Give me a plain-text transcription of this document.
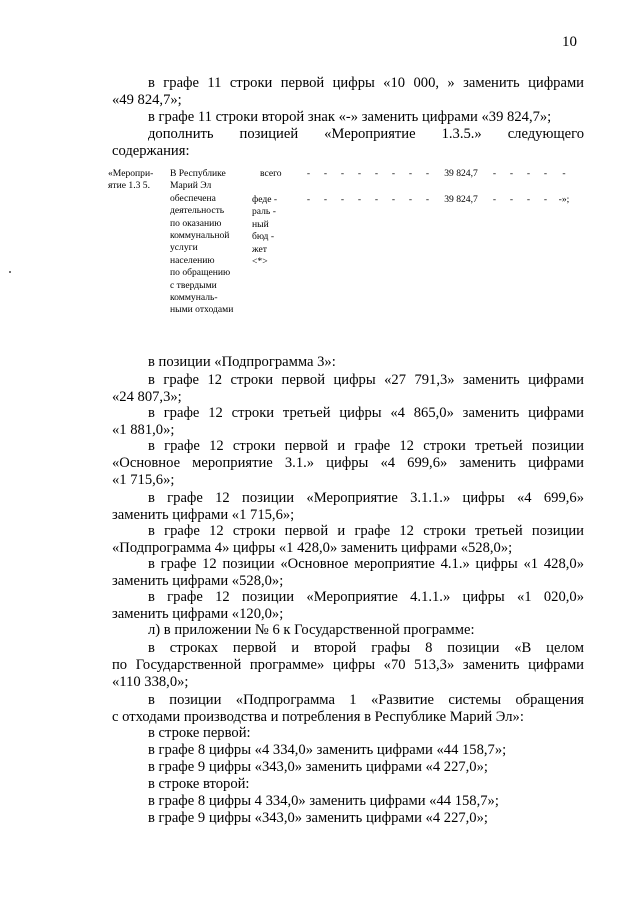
10
в графе 11 строки первой цифры «10 000, » заменить цифрами
«49 824,7»;
в графе 11 строки второй знак «-» заменить цифрами «39 824,7»;
дополнить позицией «Мероприятие 1.3.5.» следующего
содержания:
«Меропри-
ятие 1.3 5.
В Республике
Марий Эл
обеспечена
деятельность
по оказанию
коммунальной
услуги
населению
по обращению
с твердыми
коммуналь-
ными отходами
всего
феде -
раль -
ный
бюд -
жет
<*>
- - - - - - - - 39 824,7 - - - - -
- - - - - - - - 39 824,7 - - - - -»;
в позиции «Подпрограмма 3»:
в графе 12 строки первой цифры «27 791,3» заменить цифрами
«24 807,3»;
в графе 12 строки третьей цифры «4 865,0» заменить цифрами
«1 881,0»;
в графе 12 строки первой и графе 12 строки третьей позиции
«Основное мероприятие 3.1.» цифры «4 699,6» заменить цифрами
«1 715,6»;
в графе 12 позиции «Мероприятие 3.1.1.» цифры «4 699,6»
заменить цифрами «1 715,6»;
в графе 12 строки первой и графе 12 строки третьей позиции
«Подпрограмма 4» цифры «1 428,0» заменить цифрами «528,0»;
в графе 12 позиции «Основное мероприятие 4.1.» цифры «1 428,0»
заменить цифрами «528,0»;
в графе 12 позиции «Мероприятие 4.1.1.» цифры «1 020,0»
заменить цифрами «120,0»;
л) в приложении № 6 к Государственной программе:
в строках первой и второй графы 8 позиции «В целом
по Государственной программе» цифры «70 513,3» заменить цифрами
«110 338,0»;
в позиции «Подпрограмма 1 «Развитие системы обращения
с отходами производства и потребления в Республике Марий Эл»:
в строке первой:
в графе 8 цифры «4 334,0» заменить цифрами «44 158,7»;
в графе 9 цифры «343,0» заменить цифрами «4 227,0»;
в строке второй:
в графе 8 цифры 4 334,0» заменить цифрами «44 158,7»;
в графе 9 цифры «343,0» заменить цифрами «4 227,0»;
